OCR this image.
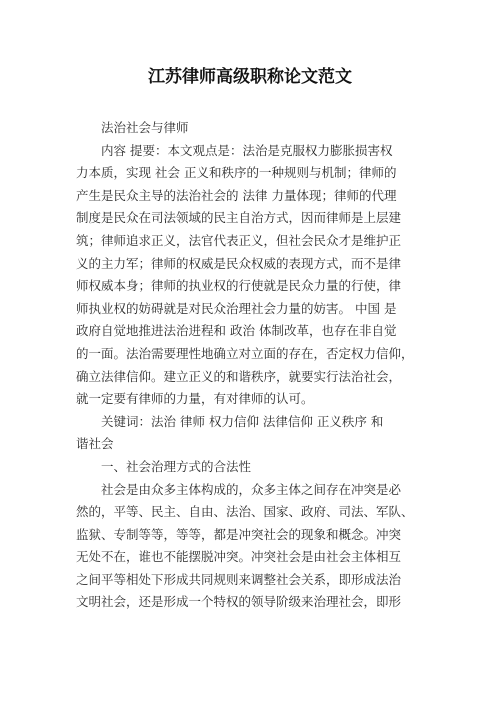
江苏律师高级职称论文范文
法治社会与律师
内容 提要：本文观点是：法治是克服权力膨胀损害权
力本质，实现 社会 正义和秩序的一种规则与机制；律师的
产生是民众主导的法治社会的 法律 力量体现；律师的代理
制度是民众在司法领域的民主自治方式，因而律师是上层建
筑；律师追求正义，法官代表正义，但社会民众才是维护正
义的主力军；律师的权威是民众权威的表现方式，而不是律
师权威本身；律师的执业权的行使就是民众力量的行使，律
师执业权的妨碍就是对民众治理社会力量的妨害。 中国 是
政府自觉地推进法治进程和 政治 体制改革，也存在非自觉
的一面。法治需要理性地确立对立面的存在，否定权力信仰，
确立法律信仰。建立正义的和谐秩序，就要实行法治社会，
就一定要有律师的力量，有对律师的认可。
关键词：法治 律师 权力信仰 法律信仰 正义秩序 和
谐社会
一、社会治理方式的合法性
社会是由众多主体构成的，众多主体之间存在冲突是必
然的，平等、民主、自由、法治、国家、政府、司法、军队、
监狱、专制等等，等等，都是冲突社会的现象和概念。冲突
无处不在，谁也不能摆脱冲突。冲突社会是由社会主体相互
之间平等相处下形成共同规则来调整社会关系，即形成法治
文明社会，还是形成一个特权的领导阶级来治理社会，即形
